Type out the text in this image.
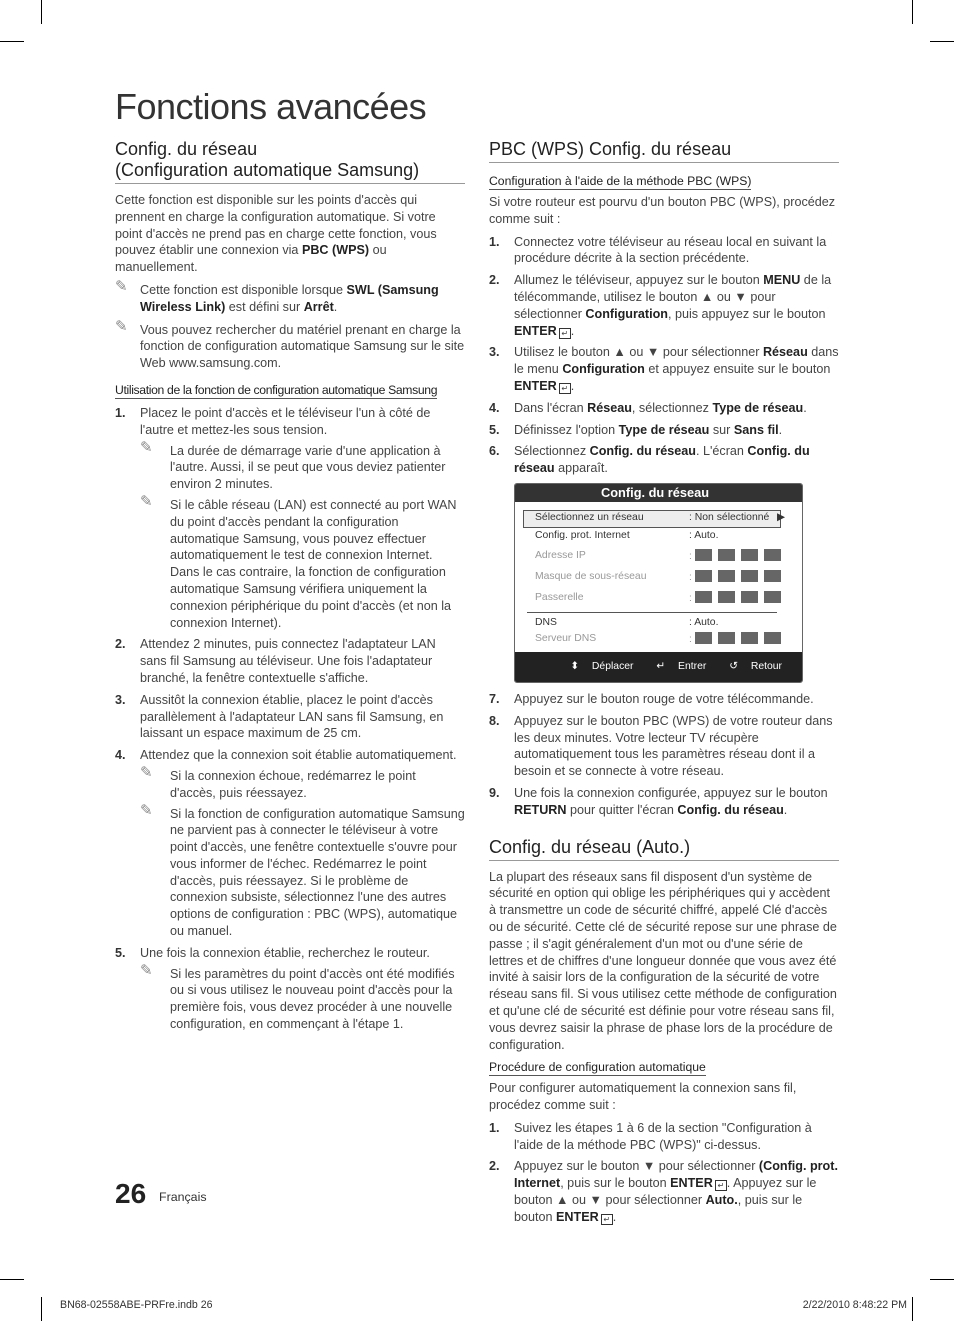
Fonctions avancées
Config. du réseau
(Configuration automatique Samsung)

Cette fonction est disponible sur les points d'accès qui prennent en charge la configuration automatique. Si votre point d'accès ne prend pas en charge cette fonction, vous pouvez établir une connexion via PBC (WPS) ou manuellement.

✎ Cette fonction est disponible lorsque SWL (Samsung Wireless Link) est défini sur Arrêt.
✎ Vous pouvez rechercher du matériel prenant en charge la fonction de configuration automatique Samsung sur le site Web www.samsung.com.
Utilisation de la fonction de configuration automatique Samsung
1. Placez le point d'accès et le téléviseur l'un à côté de l'autre et mettez-les sous tension.
✎ La durée de démarrage varie d'une application à l'autre. Aussi, il se peut que vous deviez patienter environ 2 minutes.
✎ Si le câble réseau (LAN) est connecté au port WAN du point d'accès pendant la configuration automatique Samsung, vous pouvez effectuer automatiquement le test de connexion Internet. Dans le cas contraire, la fonction de configuration automatique Samsung vérifiera uniquement la connexion périphérique du point d'accès (et non la connexion Internet).
2. Attendez 2 minutes, puis connectez l'adaptateur LAN sans fil Samsung au téléviseur. Une fois l'adaptateur branché, la fenêtre contextuelle s'affiche.
3. Aussitôt la connexion établie, placez le point d'accès parallèlement à l'adaptateur LAN sans fil Samsung, en laissant un espace maximum de 25 cm.
4. Attendez que la connexion soit établie automatiquement.
✎ Si la connexion échoue, redémarrez le point d'accès, puis réessayez.
✎ Si la fonction de configuration automatique Samsung ne parvient pas à connecter le téléviseur à votre point d'accès, une fenêtre contextuelle s'ouvre pour vous informer de l'échec. Redémarrez le point d'accès, puis réessayez. Si le problème de connexion subsiste, sélectionnez l'une des autres options de configuration : PBC (WPS), automatique ou manuel.
5. Une fois la connexion établie, recherchez le routeur.
✎ Si les paramètres du point d'accès ont été modifiés ou si vous utilisez le nouveau point d'accès pour la première fois, vous devez procéder à une nouvelle configuration, en commençant à l'étape 1.
PBC (WPS) Config. du réseau
Configuration à l'aide de la méthode PBC (WPS)

Si votre routeur est pourvu d'un bouton PBC (WPS), procédez comme suit :

1. Connectez votre téléviseur au réseau local en suivant la procédure décrite à la section précédente.
2. Allumez le téléviseur, appuyez sur le bouton MENU de la télécommande, utilisez le bouton ▲ ou ▼ pour sélectionner Configuration, puis appuyez sur le bouton ENTER ↵ .
3. Utilisez le bouton ▲ ou ▼ pour sélectionner Réseau dans le menu Configuration et appuyez ensuite sur le bouton ENTER ↵ .
4. Dans l'écran Réseau, sélectionnez Type de réseau.
5. Définissez l'option Type de réseau sur Sans fil.
6. Sélectionnez Config. du réseau. L'écran Config. du réseau apparaît.
Config. du réseau
Sélectionnez un réseau	: Non sélectionné ▶
Config. prot. Internet	: Auto.
Adresse IP	:
Masque de sous-réseau	:
Passerelle	:
DNS	: Auto.
Serveur DNS	:
⬍ Déplacer ↵ Entrer ↺ Retour
7. Appuyez sur le bouton rouge de votre télécommande.
8. Appuyez sur le bouton PBC (WPS) de votre routeur dans les deux minutes. Votre lecteur TV récupère automatiquement tous les paramètres réseau dont il a besoin et se connecte à votre réseau.
9. Une fois la connexion configurée, appuyez sur le bouton RETURN pour quitter l'écran Config. du réseau.
Config. du réseau (Auto.)

La plupart des réseaux sans fil disposent d'un système de sécurité en option qui oblige les périphériques qui y accèdent à transmettre un code de sécurité chiffré, appelé Clé d'accès ou de sécurité. Cette clé de sécurité repose sur une phrase de passe ; il s'agit généralement d'un mot ou d'une série de lettres et de chiffres d'une longueur donnée que vous avez été invité à saisir lors de la configuration de la sécurité de votre réseau sans fil. Si vous utilisez cette méthode de configuration et qu'une clé de sécurité est définie pour votre réseau sans fil, vous devrez saisir la phrase de phase lors de la procédure de configuration.

Procédure de configuration automatique

Pour configurer automatiquement la connexion sans fil, procédez comme suit :

1. Suivez les étapes 1 à 6 de la section "Configuration à l'aide de la méthode PBC (WPS)" ci-dessus.
2. Appuyez sur le bouton ▼ pour sélectionner (Config. prot. Internet, puis sur le bouton ENTER ↵ . Appuyez sur le bouton ▲ ou ▼ pour sélectionner Auto., puis sur le bouton ENTER ↵ .
26 Français
BN68-02558ABE-PRFre.indb 26	2/22/2010 8:48:22 PM
